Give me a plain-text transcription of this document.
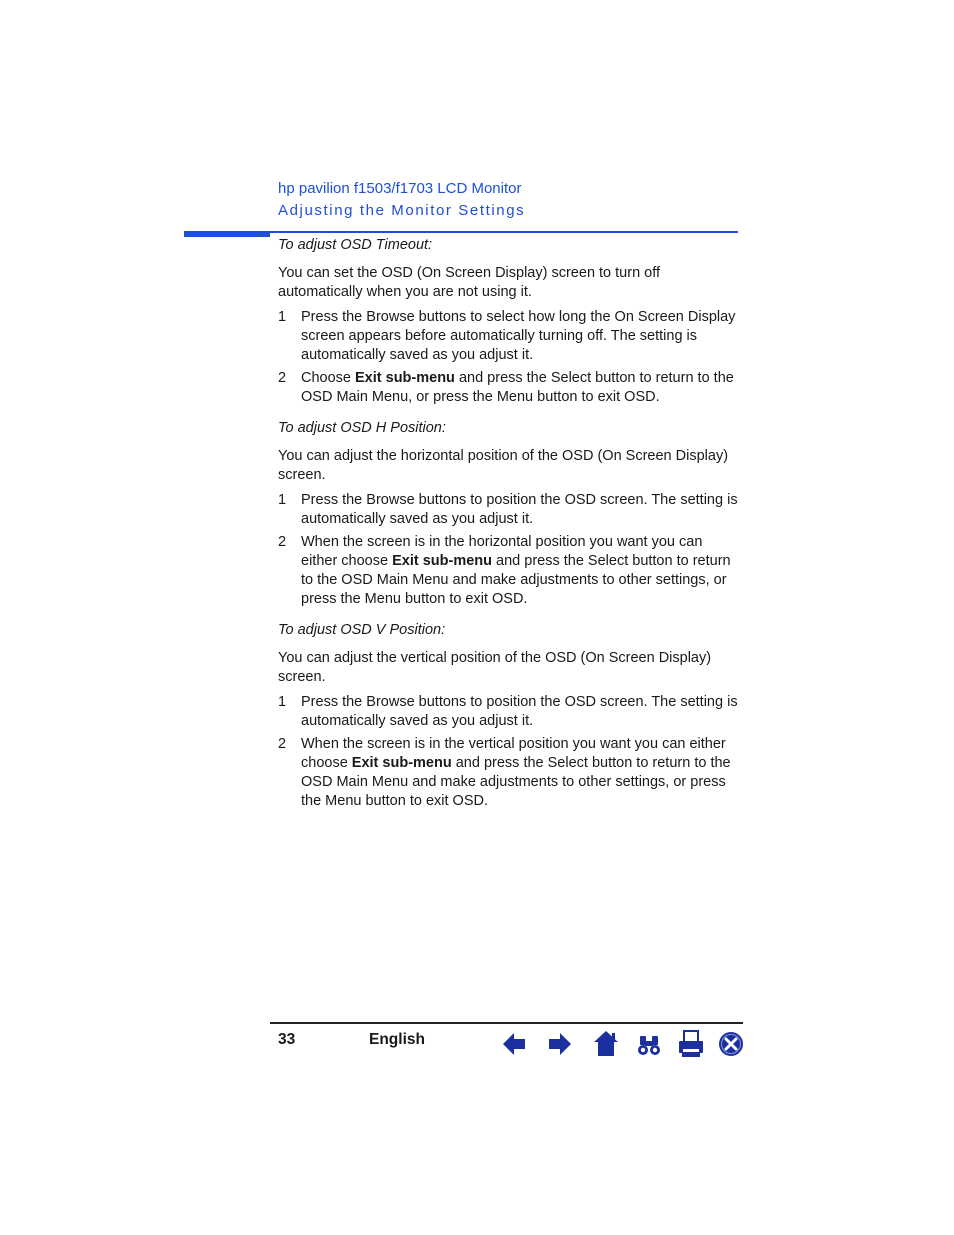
hp pavilion f1503/f1703 LCD Monitor
Adjusting the Monitor Settings

To adjust OSD Timeout:

You can set the OSD (On Screen Display) screen to turn off automatically when you are not using it.

1 Press the Browse buttons to select how long the On Screen Display screen appears before automatically turning off. The setting is automatically saved as you adjust it.
2 Choose Exit sub-menu and press the Select button to return to the OSD Main Menu, or press the Menu button to exit OSD.

To adjust OSD H Position:

You can adjust the horizontal position of the OSD (On Screen Display) screen.

1 Press the Browse buttons to position the OSD screen. The setting is automatically saved as you adjust it.
2 When the screen is in the horizontal position you want you can either choose Exit sub-menu and press the Select button to return to the OSD Main Menu and make adjustments to other settings, or press the Menu button to exit OSD.

To adjust OSD V Position:

You can adjust the vertical position of the OSD (On Screen Display) screen.

1 Press the Browse buttons to position the OSD screen. The setting is automatically saved as you adjust it.
2 When the screen is in the vertical position you want you can either choose Exit sub-menu and press the Select button to return to the OSD Main Menu and make adjustments to other settings, or press the Menu button to exit OSD.
33	English
